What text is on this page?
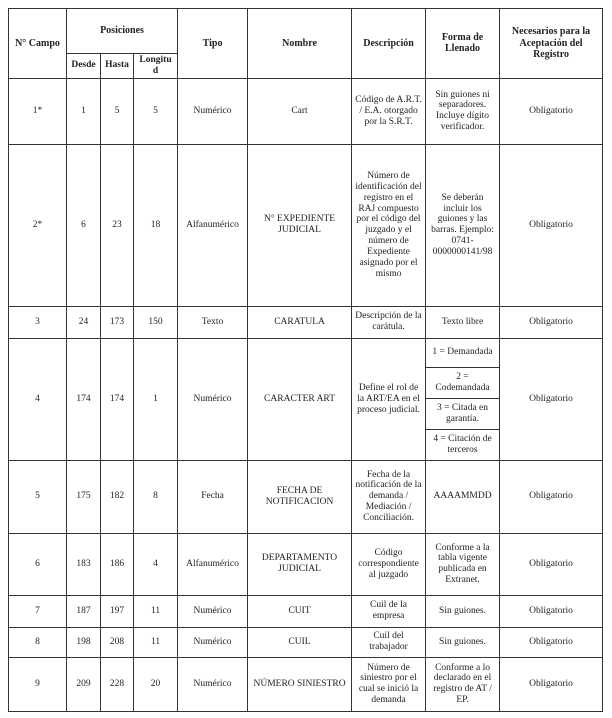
N° Campo	Posiciones			Tipo	Nombre	Descripción	Forma de Llenado	Necesarios para la Aceptación del Registro
	Desde	Hasta	Longitud					
1*	1	5	5	Numérico	Cart	Código de A.R.T. / E.A. otorgado por la S.R.T.	Sin guiones ni separadores. Incluye dígito verificador.	Obligatorio
2*	6	23	18	Alfanumérico	N° EXPEDIENTE JUDICIAL	Número de identificación del registro en el RAJ compuesto por el código del juzgado y el número de Expediente asignado por el mismo	Se deberán incluir los guiones y las barras. Ejemplo: 0741-0000000141/98	Obligatorio
3	24	173	150	Texto	CARATULA	Descripción de la carátula.	Texto libre	Obligatorio
4	174	174	1	Numérico	CARACTER ART	Define el rol de la ART/EA en el proceso judicial.	1 = Demandada	Obligatorio
							2 = Codemandada	
							3 = Citada en garantía.	
							4 = Citación de terceros	
5	175	182	8	Fecha	FECHA DE NOTIFICACION	Fecha de la notificación de la demanda / Mediación / Conciliación.	AAAAMMDD	Obligatorio
6	183	186	4	Alfanumérico	DEPARTAMENTO JUDICIAL	Código correspondiente al juzgado	Conforme a la tabla vigente publicada en Extranet.	Obligatorio
7	187	197	11	Numérico	CUIT	Cuil de la empresa	Sin guiones.	Obligatorio
8	198	208	11	Numérico	CUIL	Cuil del trabajador	Sin guiones.	Obligatorio
9	209	228	20	Numérico	NÚMERO SINIESTRO	Número de siniestro por el cual se inició la demanda	Conforme a lo declarado en el registro de AT / EP.	Obligatorio
